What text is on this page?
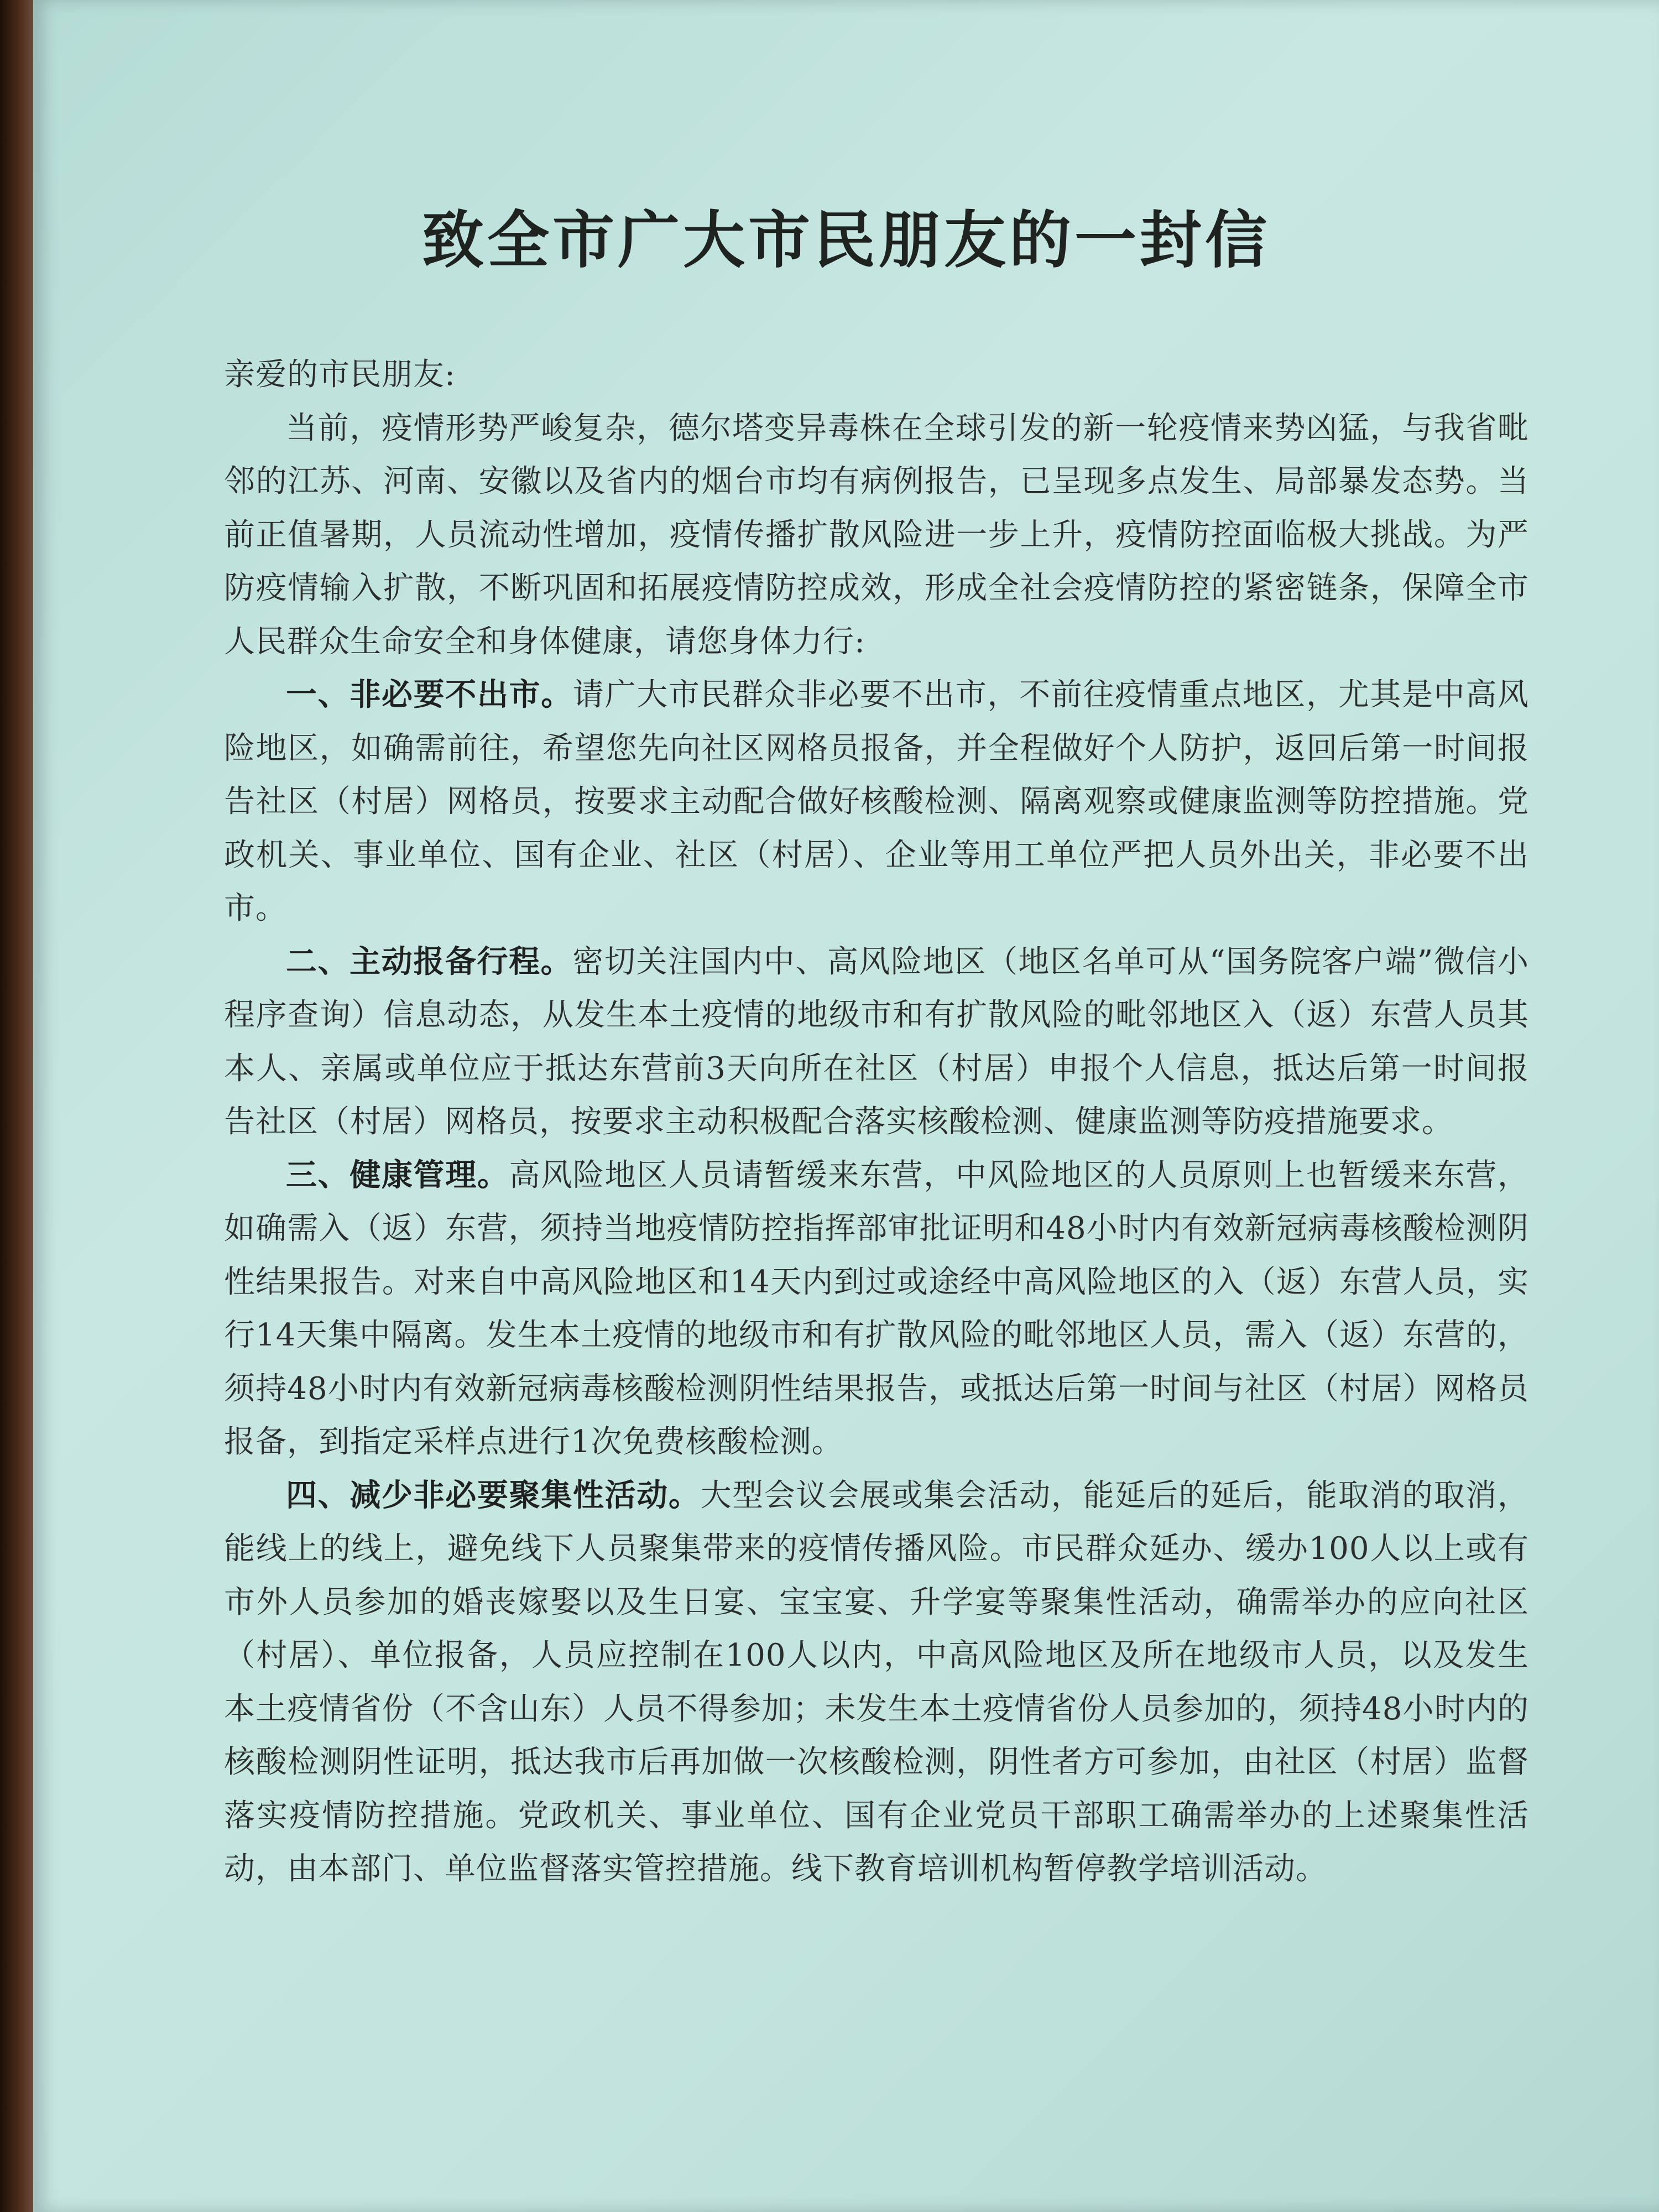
致全市广大市民朋友的一封信

亲爱的市民朋友:

当前，疫情形势严峻复杂，德尔塔变异毒株在全球引发的新一轮疫情来势凶猛，与我省毗邻的江苏、河南、安徽以及省内的烟台市均有病例报告，已呈现多点发生、局部暴发态势。当前正值暑期，人员流动性增加，疫情传播扩散风险进一步上升，疫情防控面临极大挑战。为严防疫情输入扩散，不断巩固和拓展疫情防控成效，形成全社会疫情防控的紧密链条，保障全市人民群众生命安全和身体健康，请您身体力行:

一、非必要不出市。请广大市民群众非必要不出市，不前往疫情重点地区，尤其是中高风险地区，如确需前往，希望您先向社区网格员报备，并全程做好个人防护，返回后第一时间报告社区（村居）网格员，按要求主动配合做好核酸检测、隔离观察或健康监测等防控措施。党政机关、事业单位、国有企业、社区（村居）、企业等用工单位严把人员外出关，非必要不出市。

二、主动报备行程。密切关注国内中、高风险地区（地区名单可从“国务院客户端”微信小程序查询）信息动态，从发生本土疫情的地级市和有扩散风险的毗邻地区入（返）东营人员其本人、亲属或单位应于抵达东营前3天向所在社区（村居）申报个人信息，抵达后第一时间报告社区（村居）网格员，按要求主动积极配合落实核酸检测、健康监测等防疫措施要求。

三、健康管理。高风险地区人员请暂缓来东营，中风险地区的人员原则上也暂缓来东营，如确需入（返）东营，须持当地疫情防控指挥部审批证明和48小时内有效新冠病毒核酸检测阴性结果报告。对来自中高风险地区和14天内到过或途经中高风险地区的入（返）东营人员，实行14天集中隔离。发生本土疫情的地级市和有扩散风险的毗邻地区人员，需入（返）东营的，须持48小时内有效新冠病毒核酸检测阴性结果报告，或抵达后第一时间与社区（村居）网格员报备，到指定采样点进行1次免费核酸检测。

四、减少非必要聚集性活动。大型会议会展或集会活动，能延后的延后，能取消的取消，能线上的线上，避免线下人员聚集带来的疫情传播风险。市民群众延办、缓办100人以上或有市外人员参加的婚丧嫁娶以及生日宴、宝宝宴、升学宴等聚集性活动，确需举办的应向社区（村居）、单位报备，人员应控制在100人以内，中高风险地区及所在地级市人员，以及发生本土疫情省份（不含山东）人员不得参加；未发生本土疫情省份人员参加的，须持48小时内的核酸检测阴性证明，抵达我市后再加做一次核酸检测，阴性者方可参加，由社区（村居）监督落实疫情防控措施。党政机关、事业单位、国有企业党员干部职工确需举办的上述聚集性活动，由本部门、单位监督落实管控措施。线下教育培训机构暂停教学培训活动。
